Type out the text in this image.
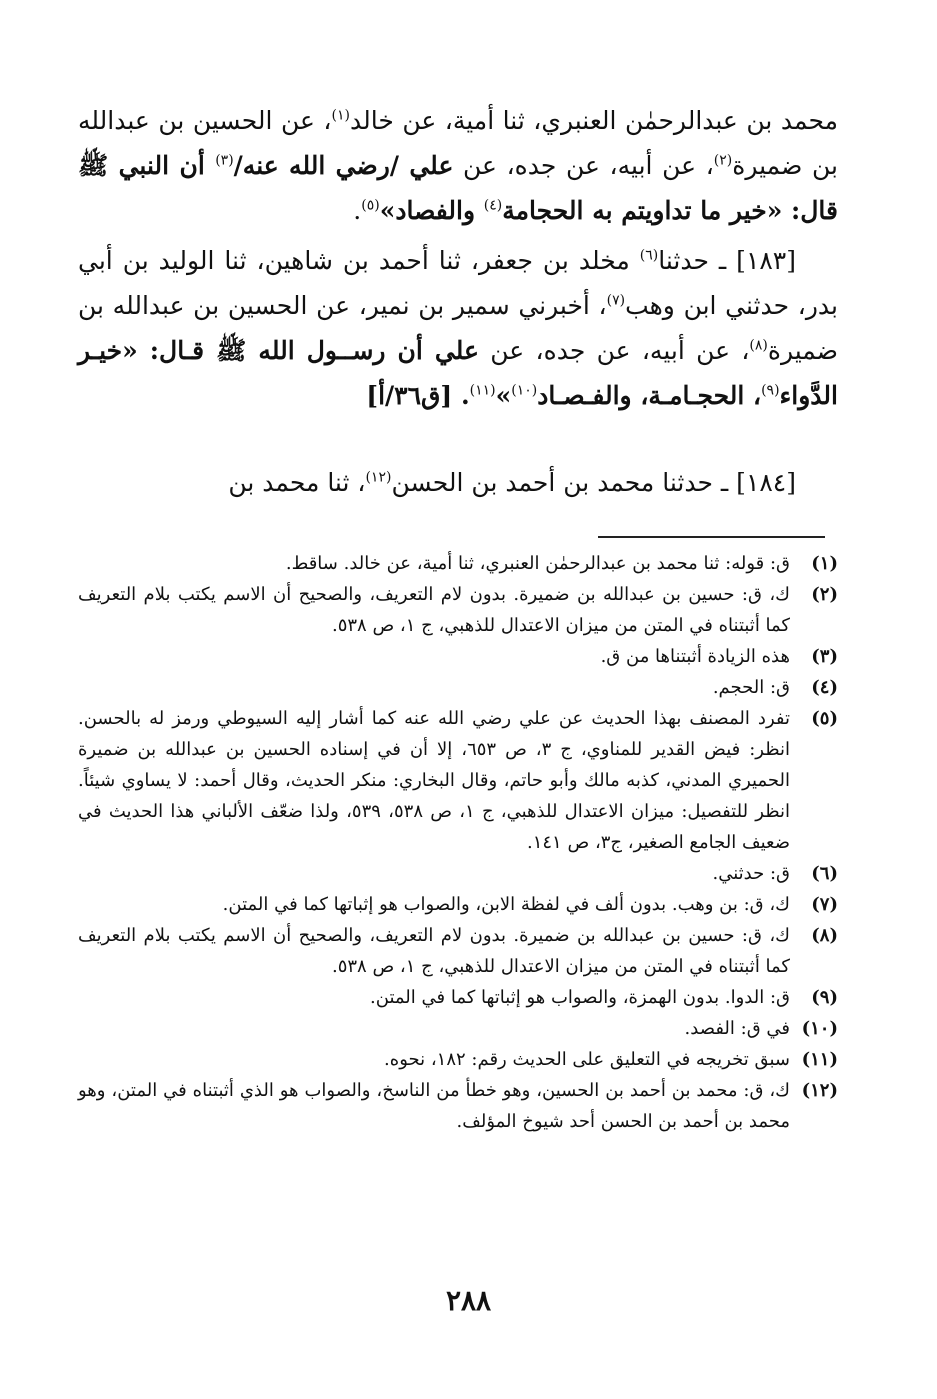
محمد بن عبدالرحمٰن العنبري، ثنا أمية، عن خالد$^{(١)}$، عن الحسين بن عبدالله بن ضميرة$^{(٢)}$، عن أبيه، عن جده، عن علي /رضي الله عنه/$^{(٣)}$ أن النبي ﷺ قال: «خير ما تداويتم به الحجامة$^{(٤)}$ والفصاد»$^{(٥)}$.

[١٨٣] ـ حدثنا$^{(٦)}$ مخلد بن جعفر، ثنا أحمد بن شاهين، ثنا الوليد بن أبي بدر، حدثني ابن وهب$^{(٧)}$، أخبرني سمير بن نمير، عن الحسين بن عبدالله بن ضميرة$^{(٨)}$، عن أبيه، عن جده، عن علي أن رســول الله ﷺ قـال: «خيـر الدَّواء$^{(٩)}$، الحجـامـة، والفـصـاد$^{(١٠)}$»$^{(١١)}$. [ق٣٦/أ]

[١٨٤] ـ حدثنا محمد بن أحمد بن الحسن$^{(١٢)}$، ثنا محمد بن

(١)
ق: قوله: ثنا محمد بن عبدالرحمٰن العنبري، ثنا أمية، عن خالد. ساقط.
(٢)
ك، ق: حسين بن عبدالله بن ضميرة. بدون لام التعريف، والصحيح أن الاسم يكتب بلام التعريف كما أثبتناه في المتن من ميزان الاعتدال للذهبي، ج ١، ص ٥٣٨.
(٣)
هذه الزيادة أثبتناها من ق.
(٤)
ق: الحجم.
(٥)
تفرد المصنف بهذا الحديث عن علي رضي الله عنه كما أشار إليه السيوطي ورمز له بالحسن. انظر: فيض القدير للمناوي، ج ٣، ص ٦٥٣، إلا أن في إسناده الحسين بن عبدالله بن ضميرة الحميري المدني، كذبه مالك وأبو حاتم، وقال البخاري: منكر الحديث، وقال أحمد: لا يساوي شيئاً. انظر للتفصيل: ميزان الاعتدال للذهبي، ج ١، ص ٥٣٨، ٥٣٩، ولذا ضعّف الألباني هذا الحديث في ضعيف الجامع الصغير، ج٣، ص ١٤١.
(٦)
ق: حدثني.
(٧)
ك، ق: بن وهب. بدون ألف في لفظة الابن، والصواب هو إثباتها كما في المتن.
(٨)
ك، ق: حسين بن عبدالله بن ضميرة. بدون لام التعريف، والصحيح أن الاسم يكتب بلام التعريف كما أثبتناه في المتن من ميزان الاعتدال للذهبي، ج ١، ص ٥٣٨.
(٩)
ق: الدوا. بدون الهمزة، والصواب هو إثباتها كما في المتن.
(١٠)
في ق: الفصد.
(١١)
سبق تخريجه في التعليق على الحديث رقم: ١٨٢، نحوه.
(١٢)
ك، ق: محمد بن أحمد بن الحسين، وهو خطأ من الناسخ، والصواب هو الذي أثبتناه في المتن، وهو محمد بن أحمد بن الحسن أحد شيوخ المؤلف.
٢٨٨
